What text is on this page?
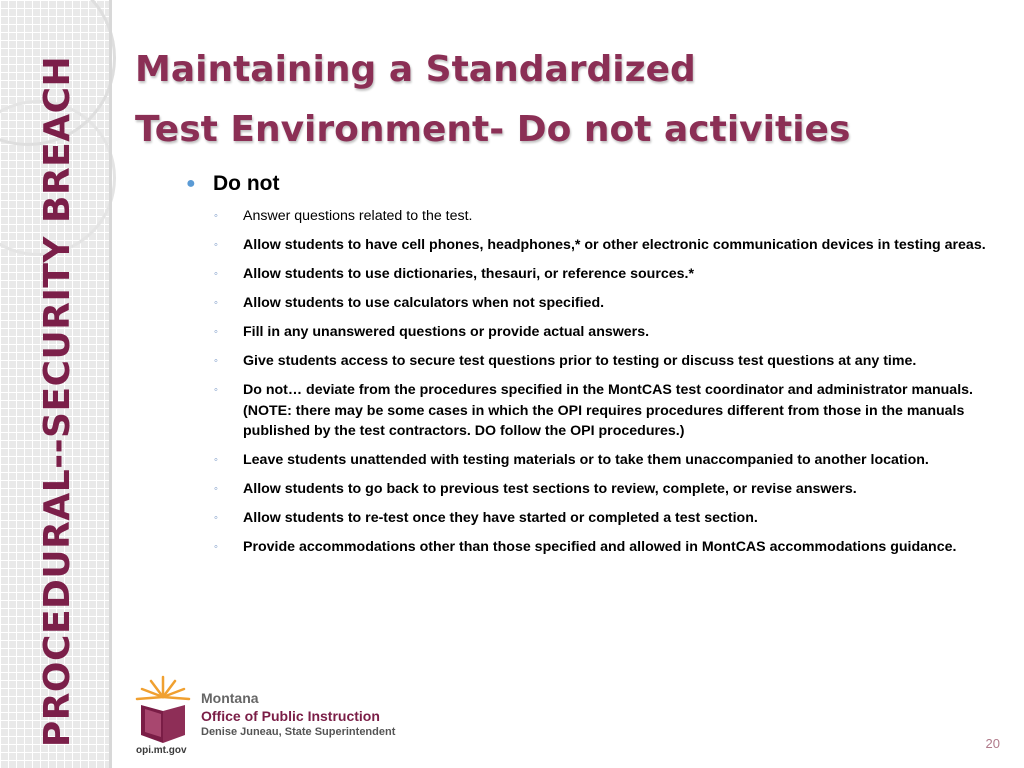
PROCEDURAL--SECURITY BREACH Maintaining a Standardized
Test Environment- Do not activities
● Do not
◦ Answer questions related to the test.
◦ Allow students to have cell phones, headphones,* or other electronic communication devices in testing areas.
◦ Allow students to use dictionaries, thesauri, or reference sources.*
◦ Allow students to use calculators when not specified.
◦ Fill in any unanswered questions or provide actual answers.
◦ Give students access to secure test questions prior to testing or discuss test questions at any time.
◦ Do not… deviate from the procedures specified in the MontCAS test coordinator and administrator manuals. (NOTE: there may be some cases in which the OPI requires procedures different from those in the manuals published by the test contractors. DO follow the OPI procedures.)
◦ Leave students unattended with testing materials or to take them unaccompanied to another location.
◦ Allow students to go back to previous test sections to review, complete, or revise answers.
◦ Allow students to re-test once they have started or completed a test section.
◦ Provide accommodations other than those specified and allowed in MontCAS accommodations guidance.
opi.mt.gov
Montana
Office of Public Instruction
Denise Juneau, State Superintendent
20
